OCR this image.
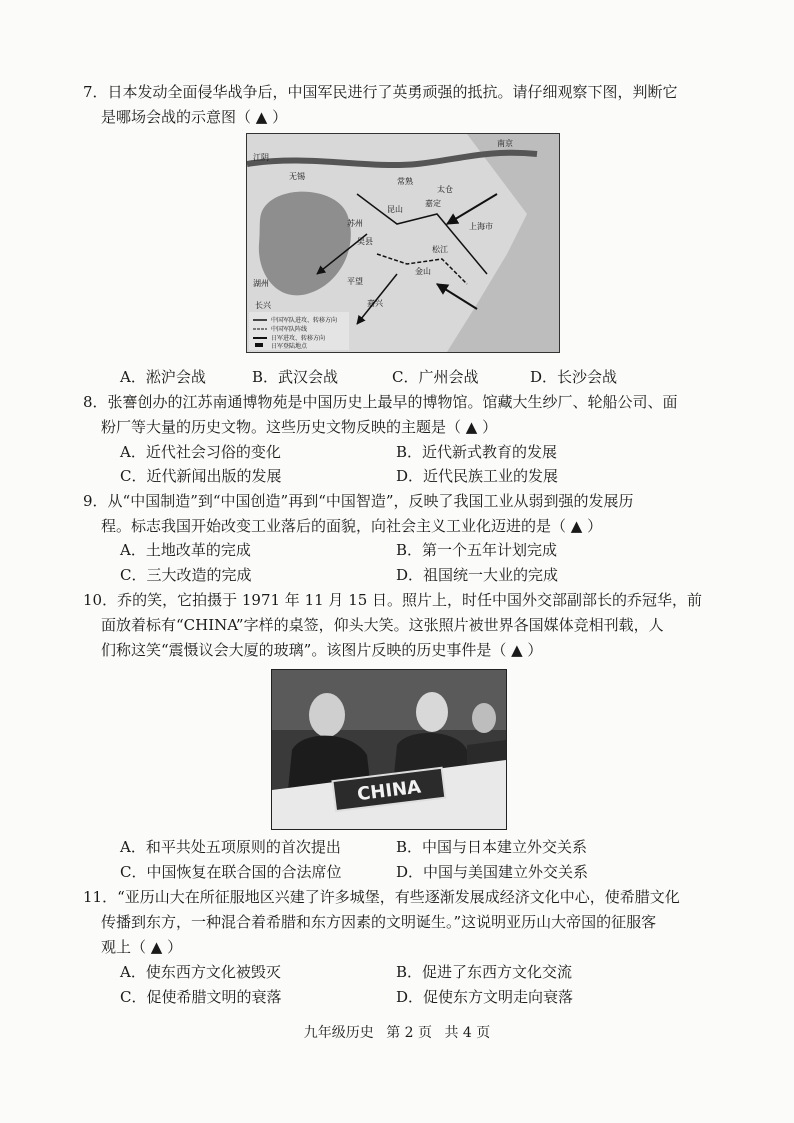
7．日本发动全面侵华战争后，中国军民进行了英勇顽强的抵抗。请仔细观察下图，判断它
是哪场会战的示意图（ ▲ ）
江阴
无锡
常熟
昆山
嘉定
太仓
上海市
吴县
苏州
松江
金山
平望
嘉兴
湖州
长兴
南京
中国军队进攻、转移方向
中国军队阵线
日军进攻、转移方向
日军登陆地点
A．淞沪会战	B．武汉会战	C．广州会战	D．长沙会战
8．张謇创办的江苏南通博物苑是中国历史上最早的博物馆。馆藏大生纱厂、轮船公司、面
粉厂等大量的历史文物。这些历史文物反映的主题是（ ▲ ）
A．近代社会习俗的变化	B．近代新式教育的发展
C．近代新闻出版的发展	D．近代民族工业的发展
9．从“中国制造”到“中国创造”再到“中国智造”，反映了我国工业从弱到强的发展历
程。标志我国开始改变工业落后的面貌，向社会主义工业化迈进的是（ ▲ ）
A．土地改革的完成	B．第一个五年计划完成
C．三大改造的完成	D．祖国统一大业的完成
10．乔的笑，它拍摄于 1971 年 11 月 15 日。照片上，时任中国外交部副部长的乔冠华，前
面放着标有“CHINA”字样的桌签，仰头大笑。这张照片被世界各国媒体竞相刊载，人
们称这笑“震慑议会大厦的玻璃”。该图片反映的历史事件是（ ▲ ）
CHINA
A．和平共处五项原则的首次提出	B．中国与日本建立外交关系
C．中国恢复在联合国的合法席位	D．中国与美国建立外交关系
11．“亚历山大在所征服地区兴建了许多城堡，有些逐渐发展成经济文化中心，使希腊文化
传播到东方，一种混合着希腊和东方因素的文明诞生。”这说明亚历山大帝国的征服客
观上（ ▲ ）
A．使东西方文化被毁灭	B．促进了东西方文化交流
C．促使希腊文明的衰落	D．促使东方文明走向衰落
九年级历史 第 2 页 共 4 页
